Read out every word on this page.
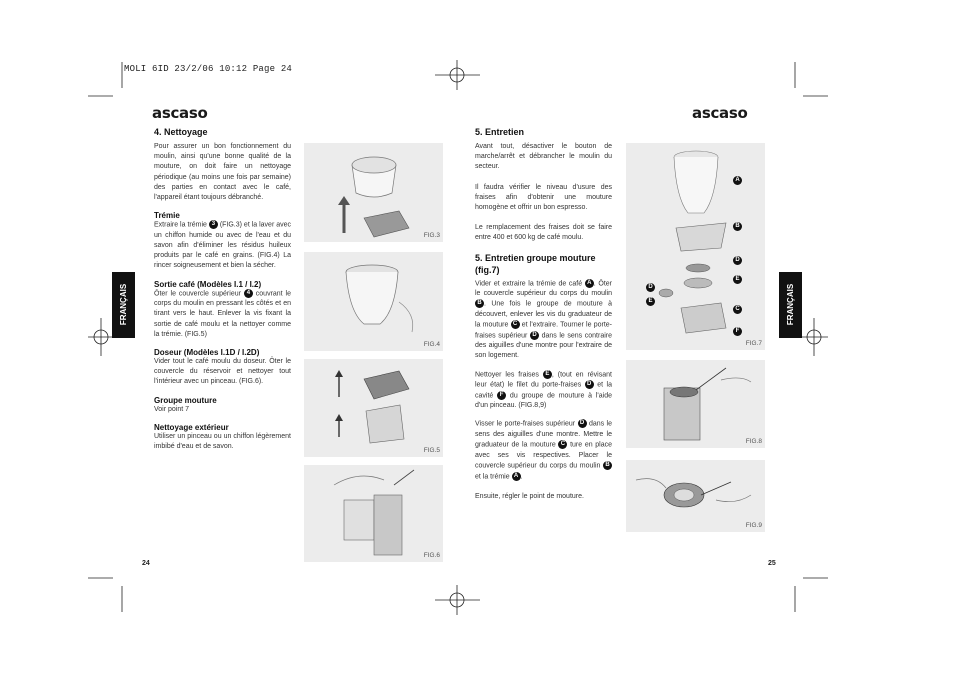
MOLI 6ID 23/2/06 10:12 Page 24
ascaso
4. Nettoyage

Pour assurer un bon fonctionnement du moulin, ainsi qu'une bonne qualité de la mouture, on doit faire un nettoyage périodique (au moins une fois par semaine) des parties en contact avec le café, l'appareil étant toujours débranché.

Trémie

Extraire la trémie 3 (FIG.3) et la laver avec un chiffon humide ou avec de l'eau et du savon afin d'éliminer les résidus huileux produits par le café en grains. (FIG.4) La rincer soigneusement et bien la sécher.

Sortie café (Modèles I.1 / I.2)

Ôter le couvercle supérieur 4 couvrant le corps du moulin en pressant les côtés et en tirant vers le haut. Enlever la vis fixant la sortie de café moulu et la nettoyer comme la trémie. (FIG.5)

Doseur (Modèles I.1D / I.2D)

Vider tout le café moulu du doseur. Ôter le couvercle du réservoir et nettoyer tout l'intérieur avec un pinceau. (FIG.6).

Groupe mouture

Voir point 7

Nettoyage extérieur

Utiliser un pinceau ou un chiffon légèrement imbibé d'eau et de savon.

FIG.3
FIG.4
FIG.5
FIG.6
FRANÇAIS
24
ascaso
5. Entretien

Avant tout, désactiver le bouton de marche/arrêt et débrancher le moulin du secteur.

Il faudra vérifier le niveau d'usure des fraises afin d'obtenir une mouture homogène et offrir un bon espresso.

Le remplacement des fraises doit se faire entre 400 et 600 kg de café moulu.

5. Entretien groupe mouture (fig.7)

Vider et extraire la trémie de café A . Ôter le couvercle supérieur du corps du moulin B . Une fois le groupe de mouture à découvert, enlever les vis du graduateur de la mouture C et l'extraire. Tourner le porte-fraises supérieur D dans le sens contraire des aiguilles d'une montre pour l'extraire de son logement.

Nettoyer les fraises E , (tout en révisant leur état) le filet du porte-fraises D et la cavité F du groupe de mouture à l'aide d'un pinceau. (FIG.8,9)

Visser le porte-fraises supérieur D dans le sens des aiguilles d'une montre. Mettre le graduateur de la mouture C ture en place avec ses vis respectives. Placer le couvercle supérieur du corps du moulin B et la trémie A .

Ensuite, régler le point de mouture.

A
B
D
E
C
F
D
E
FIG.7
FIG.8
FIG.9
FRANÇAIS
25
